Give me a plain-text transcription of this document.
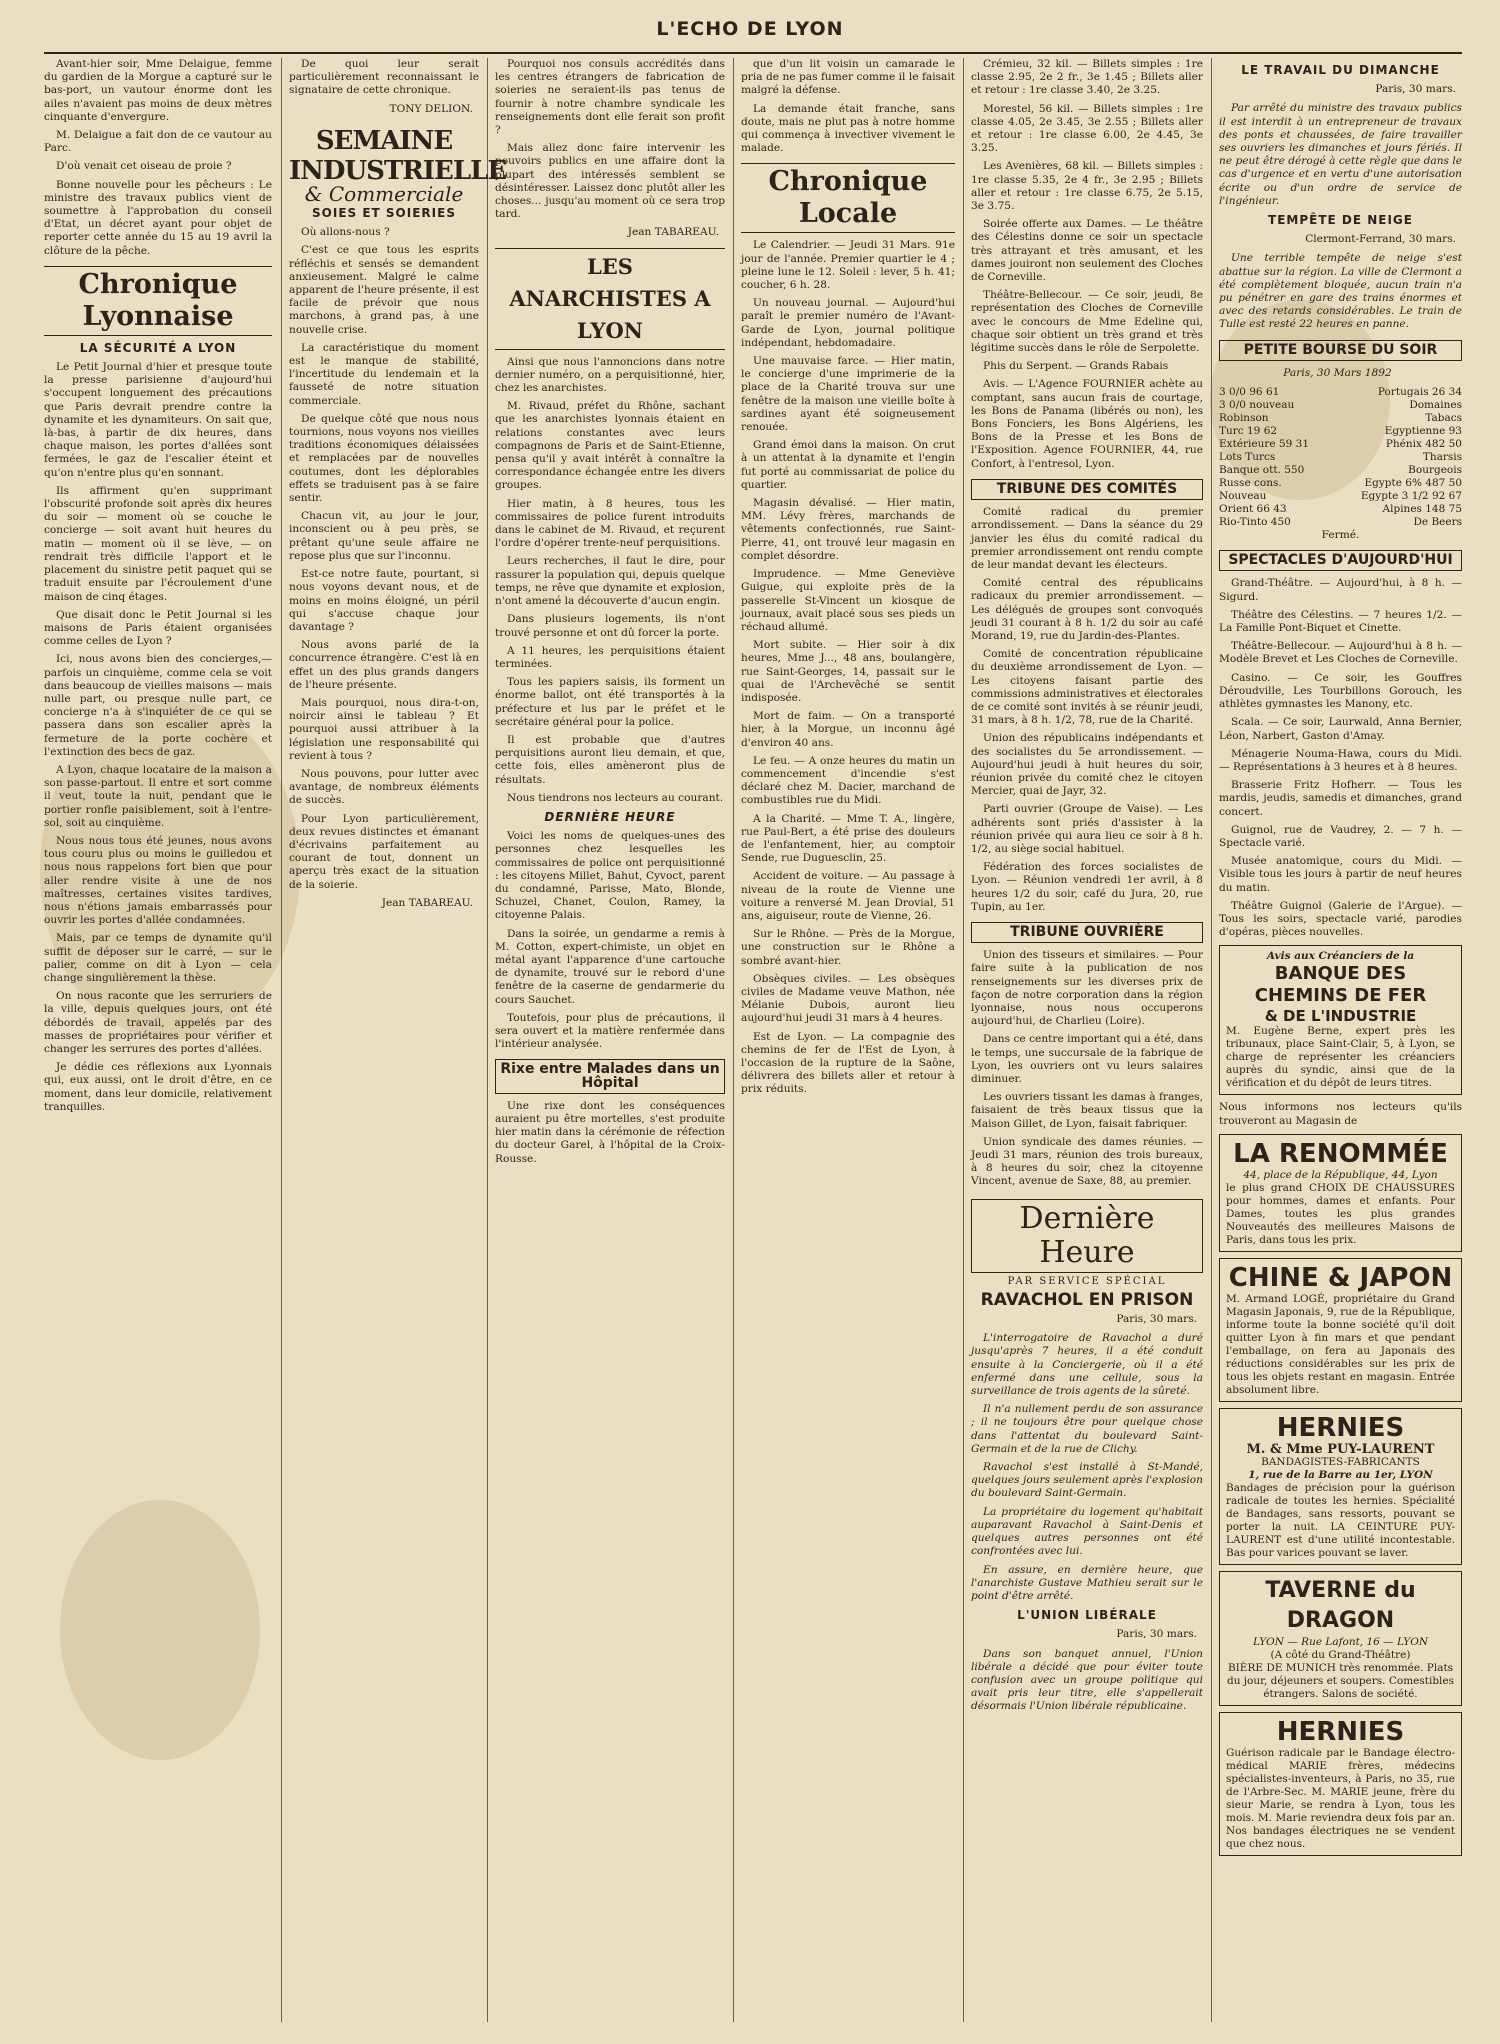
L'ECHO DE LYON

Avant-hier soir, Mme Delaigue, femme du gardien de la Morgue a capturé sur le bas-port, un vautour énorme dont les ailes n'avaient pas moins de deux mètres cinquante d'envergure.

M. Delaigue a fait don de ce vautour au Parc.

D'où venait cet oiseau de proie ?

Bonne nouvelle pour les pêcheurs : Le ministre des travaux publics vient de soumettre à l'approbation du conseil d'Etat, un décret ayant pour objet de reporter cette année du 15 au 19 avril la clôture de la pêche.

Chronique Lyonnaise
LA SÉCURITÉ A LYON

Le Petit Journal d'hier et presque toute la presse parisienne d'aujourd'hui s'occupent longuement des précautions que Paris devrait prendre contre la dynamite et les dynamiteurs. On sait que, là-bas, à partir de dix heures, dans chaque maison, les portes d'allées sont fermées, le gaz de l'escalier éteint et qu'on n'entre plus qu'en sonnant.

Ils affirment qu'en supprimant l'obscurité profonde soit après dix heures du soir — moment où se couche le concierge — soit avant huit heures du matin — moment où il se lève, — on rendrait très difficile l'apport et le placement du sinistre petit paquet qui se traduit ensuite par l'écroulement d'une maison de cinq étages.

Que disait donc le Petit Journal si les maisons de Paris étaient organisées comme celles de Lyon ?

Ici, nous avons bien des concierges,— parfois un cinquième, comme cela se voit dans beaucoup de vieilles maisons — mais nulle part, ou presque nulle part, ce concierge n'a à s'inquiéter de ce qui se passera dans son escalier après la fermeture de la porte cochère et l'extinction des becs de gaz.

A Lyon, chaque locataire de la maison a son passe-partout. Il entre et sort comme il veut, toute la nuit, pendant que le portier ronfle paisiblement, soit à l'entre-sol, soit au cinquième.

Nous nous tous été jeunes, nous avons tous couru plus ou moins le guilledou et nous nous rappelons fort bien que pour aller rendre visite à une de nos maîtresses, certaines visites tardives, nous n'étions jamais embarrassés pour ouvrir les portes d'allée condamnées.

Mais, par ce temps de dynamite qu'il suffit de déposer sur le carré, — sur le palier, comme on dit à Lyon — cela change singulièrement la thèse.

On nous raconte que les serruriers de la ville, depuis quelques jours, ont été débordés de travail, appelés par des masses de propriétaires pour vérifier et changer les serrures des portes d'allées.

Je dédie ces réflexions aux Lyonnais qui, eux aussi, ont le droit d'être, en ce moment, dans leur domicile, relativement tranquilles.

De quoi leur serait particulièrement reconnaissant le signataire de cette chronique.

TONY DELION.
SEMAINE INDUSTRIELLE
& Commerciale
SOIES ET SOIERIES

Où allons-nous ?

C'est ce que tous les esprits réfléchis et sensés se demandent anxieusement. Malgré le calme apparent de l'heure présente, il est facile de prévoir que nous marchons, à grand pas, à une nouvelle crise.

La caractéristique du moment est le manque de stabilité, l'incertitude du lendemain et la fausseté de notre situation commerciale.

De quelque côté que nous nous tournions, nous voyons nos vieilles traditions économiques délaissées et remplacées par de nouvelles coutumes, dont les déplorables effets se traduisent pas à se faire sentir.

Chacun vit, au jour le jour, inconscient ou à peu près, se prêtant qu'une seule affaire ne repose plus que sur l'inconnu.

Est-ce notre faute, pourtant, si nous voyons devant nous, et de moins en moins éloigné, un péril qui s'accuse chaque jour davantage ?

Nous avons parlé de la concurrence étrangère. C'est là en effet un des plus grands dangers de l'heure présente.

Mais pourquoi, nous dira-t-on, noircir ainsi le tableau ? Et pourquoi aussi attribuer à la législation une responsabilité qui revient à tous ?

Nous pouvons, pour lutter avec avantage, de nombreux éléments de succès.

Pour Lyon particulièrement, deux revues distinctes et émanant d'écrivains parfaitement au courant de tout, donnent un aperçu très exact de la situation de la soierie.

Jean TABAREAU.

Pourquoi nos consuls accrédités dans les centres étrangers de fabrication de soieries ne seraient-ils pas tenus de fournir à notre chambre syndicale les renseignements dont elle ferait son profit ?

Mais allez donc faire intervenir les pouvoirs publics en une affaire dont la plupart des intéressés semblent se désintéresser. Laissez donc plutôt aller les choses... jusqu'au moment où ce sera trop tard.

Jean TABAREAU.
LES ANARCHISTES A LYON

Ainsi que nous l'annoncions dans notre dernier numéro, on a perquisitionné, hier, chez les anarchistes.

M. Rivaud, préfet du Rhône, sachant que les anarchistes lyonnais étaient en relations constantes avec leurs compagnons de Paris et de Saint-Etienne, pensa qu'il y avait intérêt à connaître la correspondance échangée entre les divers groupes.

Hier matin, à 8 heures, tous les commissaires de police furent introduits dans le cabinet de M. Rivaud, et reçurent l'ordre d'opérer trente-neuf perquisitions.

Leurs recherches, il faut le dire, pour rassurer la population qui, depuis quelque temps, ne rêve que dynamite et explosion, n'ont amené la découverte d'aucun engin.

Dans plusieurs logements, ils n'ont trouvé personne et ont dû forcer la porte.

A 11 heures, les perquisitions étaient terminées.

Tous les papiers saisis, ils forment un énorme ballot, ont été transportés à la préfecture et lus par le préfet et le secrétaire général pour la police.

Il est probable que d'autres perquisitions auront lieu demain, et que, cette fois, elles amèneront plus de résultats.

Nous tiendrons nos lecteurs au courant.

DERNIÈRE HEURE

Voici les noms de quelques-unes des personnes chez lesquelles les commissaires de police ont perquisitionné : les citoyens Millet, Bahut, Cyvoct, parent du condamné, Parisse, Mato, Blonde, Schuzel, Chanet, Coulon, Ramey, la citoyenne Palais.

Dans la soirée, un gendarme a remis à M. Cotton, expert-chimiste, un objet en métal ayant l'apparence d'une cartouche de dynamite, trouvé sur le rebord d'une fenêtre de la caserne de gendarmerie du cours Sauchet.

Toutefois, pour plus de précautions, il sera ouvert et la matière renfermée dans l'intérieur analysée.

Rixe entre Malades dans un Hôpital

Une rixe dont les conséquences auraient pu être mortelles, s'est produite hier matin dans la cérémonie de réfection du docteur Garel, à l'hôpital de la Croix-Rousse.

que d'un lit voisin un camarade le pria de ne pas fumer comme il le faisait malgré la défense.

La demande était franche, sans doute, mais ne plut pas à notre homme qui commença à invectiver vivement le malade.

Chronique Locale

Le Calendrier. — Jeudi 31 Mars. 91e jour de l'année. Premier quartier le 4 ; pleine lune le 12. Soleil : lever, 5 h. 41; coucher, 6 h. 28.

Un nouveau journal. — Aujourd'hui paraît le premier numéro de l'Avant-Garde de Lyon, journal politique indépendant, hebdomadaire.

Une mauvaise farce. — Hier matin, le concierge d'une imprimerie de la place de la Charité trouva sur une fenêtre de la maison une vieille boîte à sardines ayant été soigneusement renouée.

Grand émoi dans la maison. On crut à un attentat à la dynamite et l'engin fut porté au commissariat de police du quartier.

Magasin dévalisé. — Hier matin, MM. Lévy frères, marchands de vêtements confectionnés, rue Saint-Pierre, 41, ont trouvé leur magasin en complet désordre.

Imprudence. — Mme Geneviève Guigue, qui exploite près de la passerelle St-Vincent un kiosque de journaux, avait placé sous ses pieds un réchaud allumé.

Mort subite. — Hier soir à dix heures, Mme J..., 48 ans, boulangère, rue Saint-Georges, 14, passait sur le quai de l'Archevêché se sentit indisposée.

Mort de faim. — On a transporté hier, à la Morgue, un inconnu âgé d'environ 40 ans.

Le feu. — A onze heures du matin un commencement d'incendie s'est déclaré chez M. Dacier, marchand de combustibles rue du Midi.

A la Charité. — Mme T. A., lingère, rue Paul-Bert, a été prise des douleurs de l'enfantement, hier, au comptoir Sende, rue Duguesclin, 25.

Accident de voiture. — Au passage à niveau de la route de Vienne une voiture a renversé M. Jean Drovial, 51 ans, aiguiseur, route de Vienne, 26.

Sur le Rhône. — Près de la Morgue, une construction sur le Rhône a sombré avant-hier.

Obsèques civiles. — Les obsèques civiles de Madame veuve Mathon, née Mélanie Dubois, auront lieu aujourd'hui jeudi 31 mars à 4 heures.

Est de Lyon. — La compagnie des chemins de fer de l'Est de Lyon, à l'occasion de la rupture de la Saône, délivrera des billets aller et retour à prix réduits.

Crémieu, 32 kil. — Billets simples : 1re classe 2.95, 2e 2 fr., 3e 1.45 ; Billets aller et retour : 1re classe 3.40, 2e 3.25.

Morestel, 56 kil. — Billets simples : 1re classe 4.05, 2e 3.45, 3e 2.55 ; Billets aller et retour : 1re classe 6.00, 2e 4.45, 3e 3.25.

Les Avenières, 68 kil. — Billets simples : 1re classe 5.35, 2e 4 fr., 3e 2.95 ; Billets aller et retour : 1re classe 6.75, 2e 5.15, 3e 3.75.

Soirée offerte aux Dames. — Le théâtre des Célestins donne ce soir un spectacle très attrayant et très amusant, et les dames jouiront non seulement des Cloches de Corneville.

Théâtre-Bellecour. — Ce soir, jeudi, 8e représentation des Cloches de Corneville avec le concours de Mme Edeline qui, chaque soir obtient un très grand et très légitime succès dans le rôle de Serpolette.

Phis du Serpent. — Grands Rabais

Avis. — L'Agence FOURNIER achète au comptant, sans aucun frais de courtage, les Bons de Panama (libérés ou non), les Bons Fonciers, les Bons Algériens, les Bons de la Presse et les Bons de l'Exposition. Agence FOURNIER, 44, rue Confort, à l'entresol, Lyon.

TRIBUNE DES COMITÉS

Comité radical du premier arrondissement. — Dans la séance du 29 janvier les élus du comité radical du premier arrondissement ont rendu compte de leur mandat devant les électeurs.

Comité central des républicains radicaux du premier arrondissement. — Les délégués de groupes sont convoqués jeudi 31 courant à 8 h. 1/2 du soir au café Morand, 19, rue du Jardin-des-Plantes.

Comité de concentration républicaine du deuxième arrondissement de Lyon. — Les citoyens faisant partie des commissions administratives et électorales de ce comité sont invités à se réunir jeudi, 31 mars, à 8 h. 1/2, 78, rue de la Charité.

Union des républicains indépendants et des socialistes du 5e arrondissement. — Aujourd'hui jeudi à huit heures du soir, réunion privée du comité chez le citoyen Mercier, quai de Jayr, 32.

Parti ouvrier (Groupe de Vaise). — Les adhérents sont priés d'assister à la réunion privée qui aura lieu ce soir à 8 h. 1/2, au siège social habituel.

Fédération des forces socialistes de Lyon. — Réunion vendredi 1er avril, à 8 heures 1/2 du soir, café du Jura, 20, rue Tupin, au 1er.

TRIBUNE OUVRIÈRE

Union des tisseurs et similaires. — Pour faire suite à la publication de nos renseignements sur les diverses prix de façon de notre corporation dans la région lyonnaise, nous nous occuperons aujourd'hui, de Charlieu (Loire).

Dans ce centre important qui a été, dans le temps, une succursale de la fabrique de Lyon, les ouvriers ont vu leurs salaires diminuer.

Les ouvriers tissant les damas à franges, faisaient de très beaux tissus que la Maison Gillet, de Lyon, faisait fabriquer.

Union syndicale des dames réunies. — Jeudi 31 mars, réunion des trois bureaux, à 8 heures du soir, chez la citoyenne Vincent, avenue de Saxe, 88, au premier.

Dernière Heure
PAR SERVICE SPÉCIAL
RAVACHOL EN PRISON
Paris, 30 mars.

L'interrogatoire de Ravachol a duré jusqu'après 7 heures, il a été conduit ensuite à la Conciergerie, où il a été enfermé dans une cellule, sous la surveillance de trois agents de la sûreté.

Il n'a nullement perdu de son assurance ; il ne toujours être pour quelque chose dans l'attentat du boulevard Saint-Germain et de la rue de Clichy.

Ravachol s'est installé à St-Mandé, quelques jours seulement après l'explosion du boulevard Saint-Germain.

La propriétaire du logement qu'habitait auparavant Ravachol à Saint-Denis et quelques autres personnes ont été confrontées avec lui.

En assure, en dernière heure, que l'anarchiste Gustave Mathieu serait sur le point d'être arrêté.

L'UNION LIBÉRALE
Paris, 30 mars.

Dans son banquet annuel, l'Union libérale a décidé que pour éviter toute confusion avec un groupe politique qui avait pris leur titre, elle s'appellerait désormais l'Union libérale républicaine.

LE TRAVAIL DU DIMANCHE
Paris, 30 mars.

Par arrêté du ministre des travaux publics il est interdit à un entrepreneur de travaux des ponts et chaussées, de faire travailler ses ouvriers les dimanches et jours fériés. Il ne peut être dérogé à cette règle que dans le cas d'urgence et en vertu d'une autorisation écrite ou d'un ordre de service de l'ingénieur.

TEMPÊTE DE NEIGE
Clermont-Ferrand, 30 mars.

Une terrible tempête de neige s'est abattue sur la région. La ville de Clermont a été complètement bloquée, aucun train n'a pu pénétrer en gare des trains énormes et avec des retards considérables. Le train de Tulle est resté 22 heures en panne.

PETITE BOURSE DU SOIR
Paris, 30 Mars 1892
3 0/0 96 61	Portugais 26 34
3 0/0 nouveau	Domaines
Robinson	Tabacs
Turc 19 62	Egyptienne 93
Extérieure 59 31	Phénix 482 50
Lots Turcs	Tharsis
Banque ott. 550	Bourgeois
Russe cons.	Egypte 6% 487 50
Nouveau	Egypte 3 1/2 92 67
Orient 66 43	Alpines 148 75
Rio-Tinto 450	De Beers
Fermé.
SPECTACLES D'AUJOURD'HUI

Grand-Théâtre. — Aujourd'hui, à 8 h. — Sigurd.

Théâtre des Célestins. — 7 heures 1/2. — La Famille Pont-Biquet et Cinette.

Théâtre-Bellecour. — Aujourd'hui à 8 h. — Modèle Brevet et Les Cloches de Corneville.

Casino. — Ce soir, les Gouffres Déroudville, Les Tourbillons Gorouch, les athlètes gymnastes les Manony, etc.

Scala. — Ce soir, Laurwald, Anna Bernier, Léon, Narbert, Gaston d'Amay.

Ménagerie Nouma-Hawa, cours du Midi. — Représentations à 3 heures et à 8 heures.

Brasserie Fritz Hofherr. — Tous les mardis, jeudis, samedis et dimanches, grand concert.

Guignol, rue de Vaudrey, 2. — 7 h. — Spectacle varié.

Musée anatomique, cours du Midi. — Visible tous les jours à partir de neuf heures du matin.

Théâtre Guignol (Galerie de l'Argue). — Tous les soirs, spectacle varié, parodies d'opéras, pièces nouvelles.

Avis aux Créanciers de la
BANQUE DES CHEMINS DE FER
& DE L'INDUSTRIE
M. Eugène Berne, expert près les tribunaux, place Saint-Clair, 5, à Lyon, se charge de représenter les créanciers auprès du syndic, ainsi que de la vérification et du dépôt de leurs titres.
Nous informons nos lecteurs qu'ils trouveront au Magasin de
LA RENOMMÉE
44, place de la République, 44, Lyon
le plus grand CHOIX DE CHAUSSURES pour hommes, dames et enfants. Pour Dames, toutes les plus grandes Nouveautés des meilleures Maisons de Paris, dans tous les prix.
CHINE & JAPON
M. Armand LOGÉ, propriétaire du Grand Magasin Japonais, 9, rue de la République, informe toute la bonne société qu'il doit quitter Lyon à fin mars et que pendant l'emballage, on fera au Japonais des réductions considérables sur les prix de tous les objets restant en magasin. Entrée absolument libre.
HERNIES
M. & Mme PUY-LAURENT
BANDAGISTES-FABRICANTS
1, rue de la Barre au 1er, LYON
Bandages de précision pour la guérison radicale de toutes les hernies. Spécialité de Bandages, sans ressorts, pouvant se porter la nuit. LA CEINTURE PUY-LAURENT est d'une utilité incontestable. Bas pour varices pouvant se laver.
TAVERNE du DRAGON
LYON — Rue Lafont, 16 — LYON
(A côté du Grand-Théâtre)
BIÈRE DE MUNICH très renommée. Plats du jour, déjeuners et soupers. Comestibles étrangers. Salons de société.
HERNIES
Guérison radicale par le Bandage électro-médical MARIE frères, médecins spécialistes-inventeurs, à Paris, no 35, rue de l'Arbre-Sec. M. MARIE jeune, frère du sieur Marie, se rendra à Lyon, tous les mois. M. Marie reviendra deux fois par an. Nos bandages électriques ne se vendent que chez nous.
